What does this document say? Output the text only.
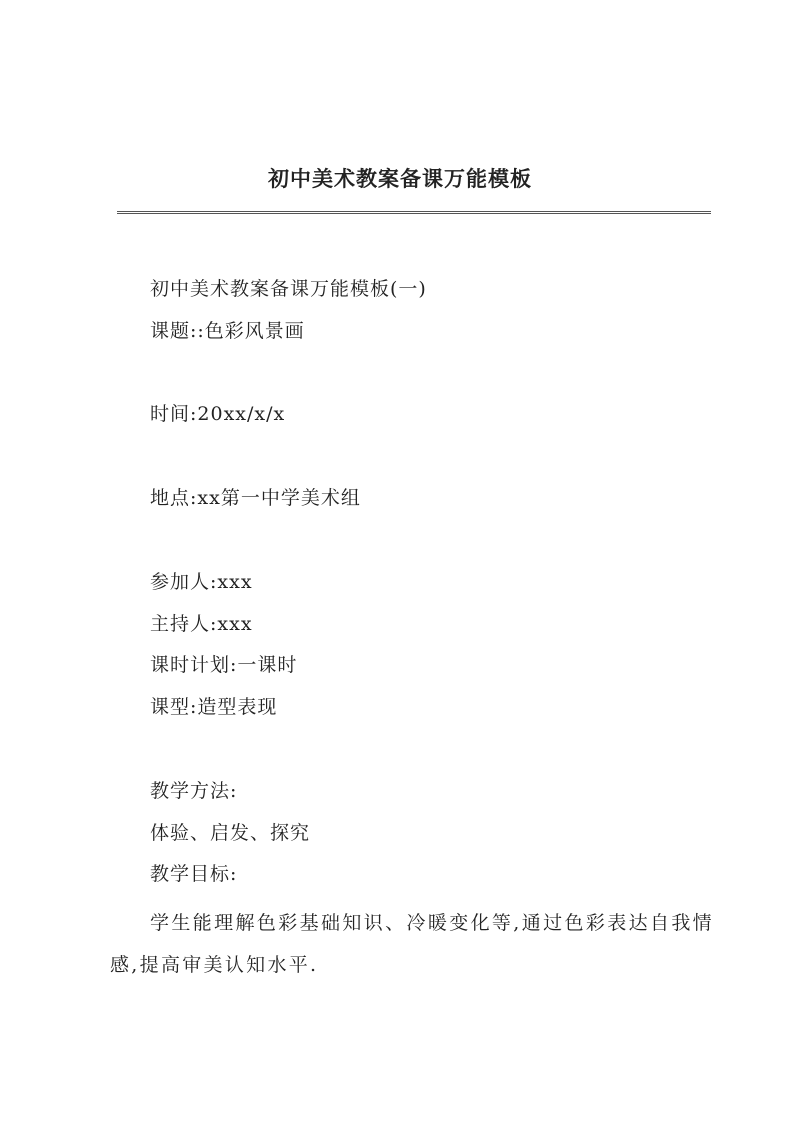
初中美术教案备课万能模板
初中美术教案备课万能模板(一)
课题::色彩风景画
时间:20xx/x/x
地点:xx第一中学美术组
参加人:xxx
主持人:xxx
课时计划:一课时
课型:造型表现
教学方法:
体验、启发、探究
教学目标:
学生能理解色彩基础知识、冷暖变化等,通过色彩表达自我情感,提高审美认知水平.
